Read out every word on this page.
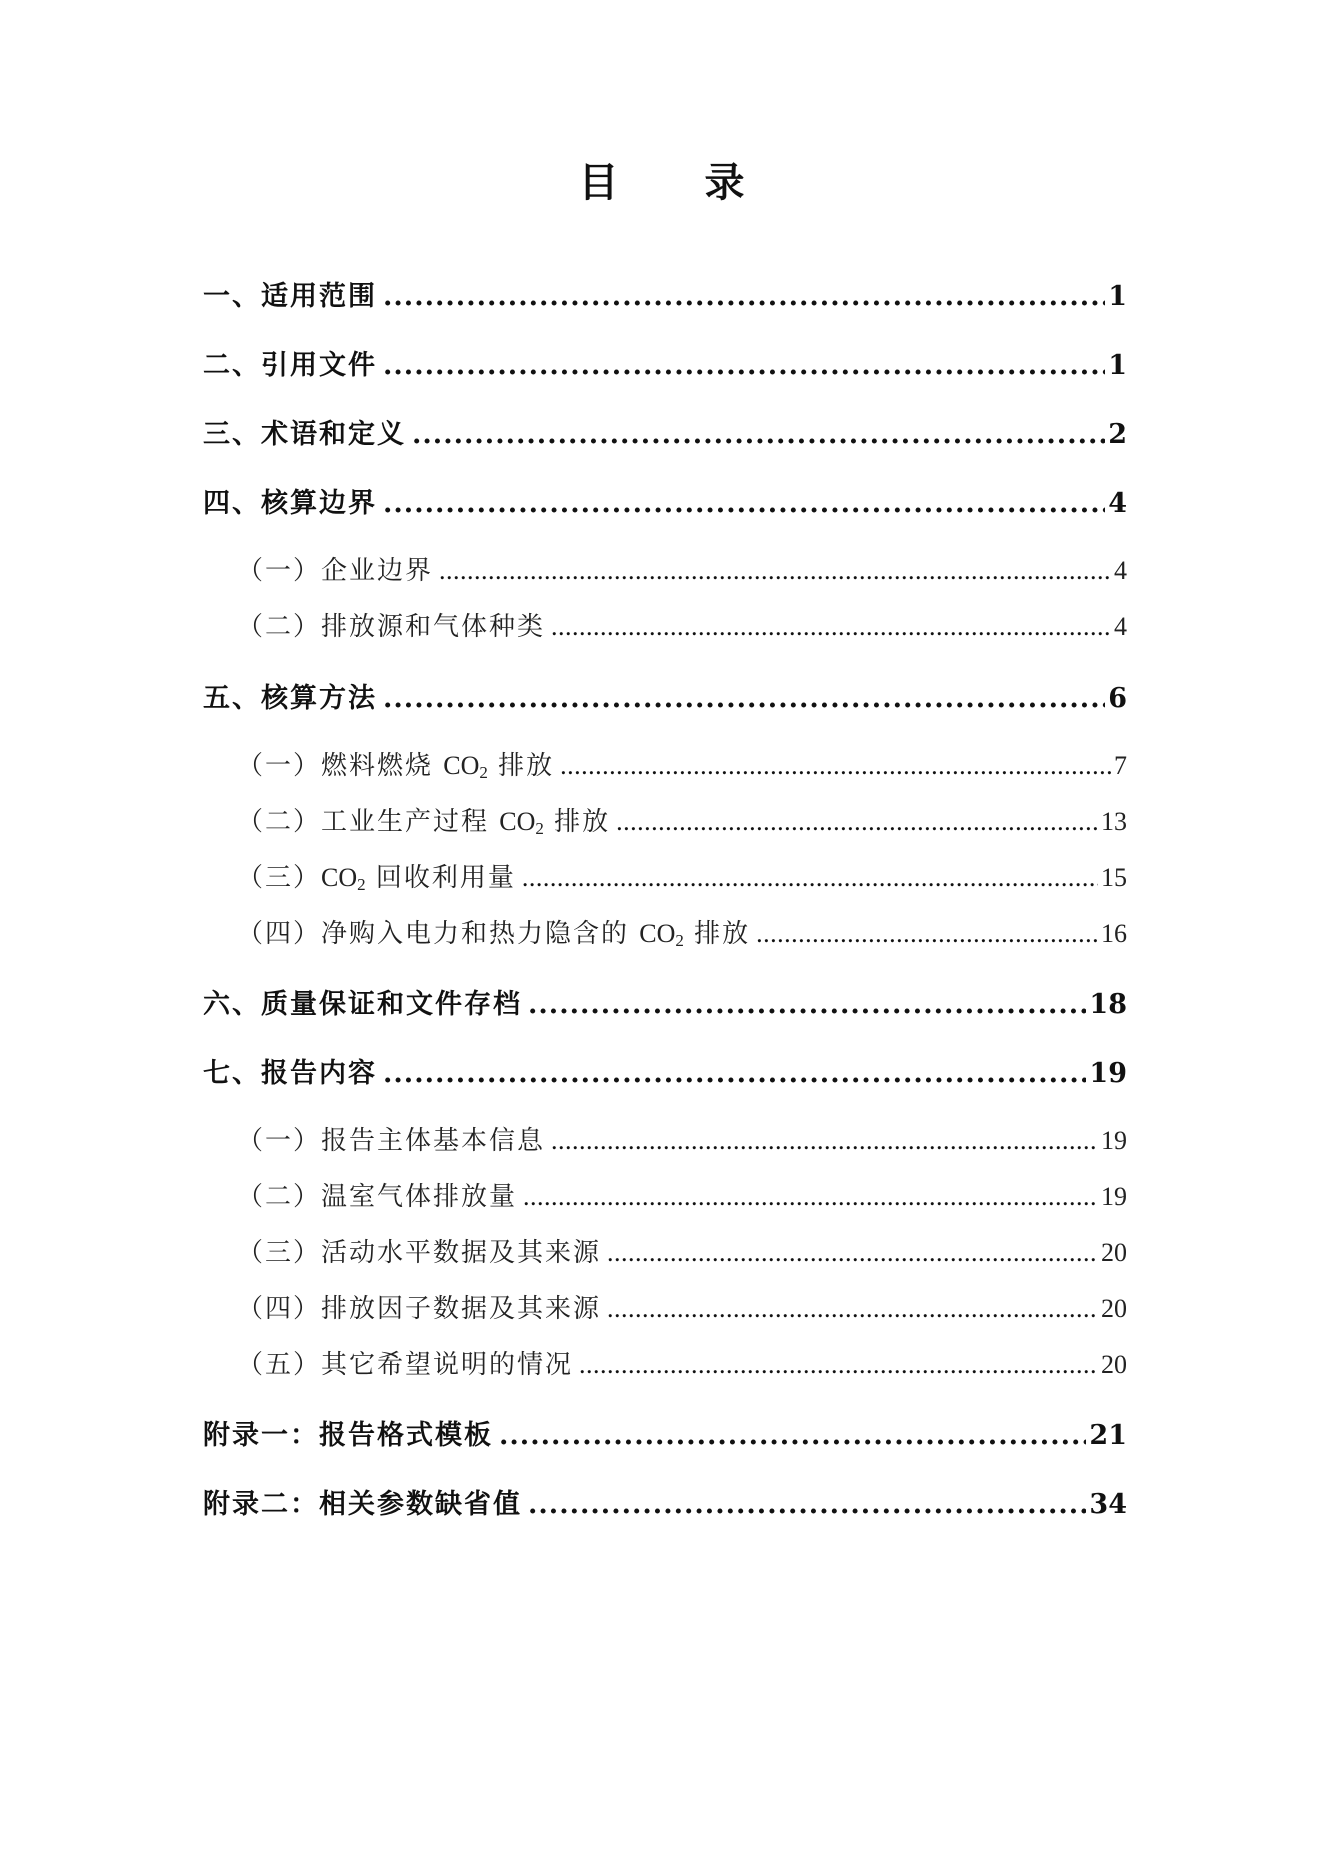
目 录
一、适用范围 .....	1
二、引用文件 .....	1
三、术语和定义 .....	2
四、核算边界 .....	4
（一）企业边界 .....	4
（二）排放源和气体种类 .....	4
五、核算方法 .....	6
（一）燃料燃烧 $CO_2$ 排放 .....	7
（二）工业生产过程 $CO_2$ 排放 .....	13
（三）$CO_2$ 回收利用量 .....	15
（四）净购入电力和热力隐含的 $CO_2$ 排放 .....	16
六、质量保证和文件存档 .....	18
七、报告内容 .....	19
（一）报告主体基本信息 .....	19
（二）温室气体排放量 .....	19
（三）活动水平数据及其来源 .....	20
（四）排放因子数据及其来源 .....	20
（五）其它希望说明的情况 .....	20
附录一：报告格式模板 .....	21
附录二：相关参数缺省值 .....	34
